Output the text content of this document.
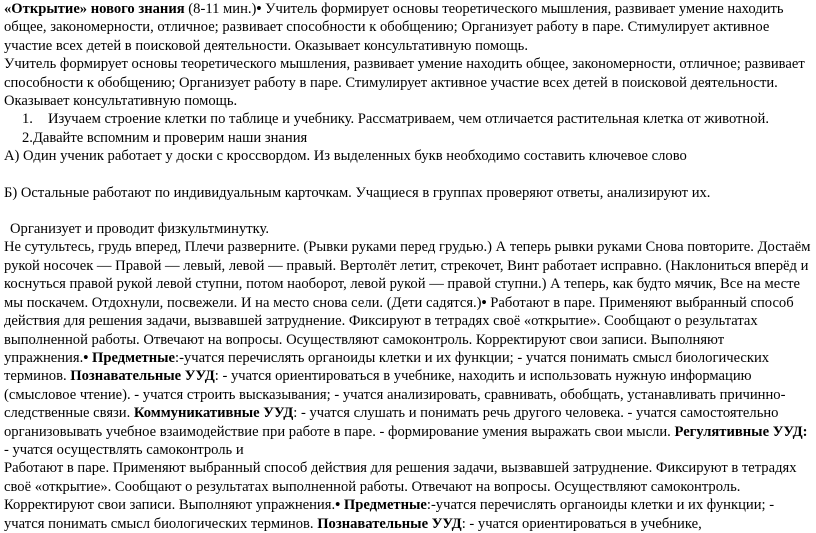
«Открытие» нового знания (8-11 мин.)• Учитель формирует основы теоретического мышления, развивает умение находить общее, закономерности, отличное; развивает способности к обобщению; Организует работу в паре. Стимулирует активное участие всех детей в поисковой деятельности. Оказывает консультативную помощь.

Учитель формирует основы теоретического мышления, развивает умение находить общее, закономерности, отличное; развивает способности к обобщению; Организует работу в паре. Стимулирует активное участие всех детей в поисковой деятельности. Оказывает консультативную помощь.

1. Изучаем строение клетки по таблице и учебнику. Рассматриваем, чем отличается растительная клетка от животной.

2.Давайте вспомним и проверим наши знания

А) Один ученик работает у доски с кроссвордом. Из выделенных букв необходимо составить ключевое слово

Б) Остальные работают по индивидуальным карточкам. Учащиеся в группах проверяют ответы, анализируют их.

Организует и проводит физкультминутку.

Не сутультесь, грудь вперед, Плечи разверните. (Рывки руками перед грудью.) А теперь рывки руками Снова повторите. Достаём рукой носочек — Правой — левый, левой — правый. Вертолёт летит, стрекочет, Винт работает исправно. (Наклониться вперёд и коснуться правой рукой левой ступни, потом наоборот, левой рукой — правой ступни.) А теперь, как будто мячик, Все на месте мы поскачем. Отдохнули, посвежели. И на место снова сели. (Дети садятся.)• Работают в паре. Применяют выбранный способ действия для решения задачи, вызвавшей затруднение. Фиксируют в тетрадях своё «открытие». Сообщают о результатах выполненной работы. Отвечают на вопросы. Осуществляют самоконтроль. Корректируют свои записи. Выполняют упражнения.• Предметные:-учатся перечислять органоиды клетки и их функции; - учатся понимать смысл биологических терминов. Познавательные УУД: - учатся ориентироваться в учебнике, находить и использовать нужную информацию (смысловое чтение). - учатся строить высказывания; - учатся анализировать, сравнивать, обобщать, устанавливать причинно-следственные связи. Коммуникативные УУД: - учатся слушать и понимать речь другого человека. - учатся самостоятельно организовывать учебное взаимодействие при работе в паре. - формирование умения выражать свои мысли. Регулятивные УУД: - учатся осуществлять самоконтроль и

Работают в паре. Применяют выбранный способ действия для решения задачи, вызвавшей затруднение. Фиксируют в тетрадях своё «открытие». Сообщают о результатах выполненной работы. Отвечают на вопросы. Осуществляют самоконтроль. Корректируют свои записи. Выполняют упражнения.• Предметные:-учатся перечислять органоиды клетки и их функции; - учатся понимать смысл биологических терминов. Познавательные УУД: - учатся ориентироваться в учебнике,
